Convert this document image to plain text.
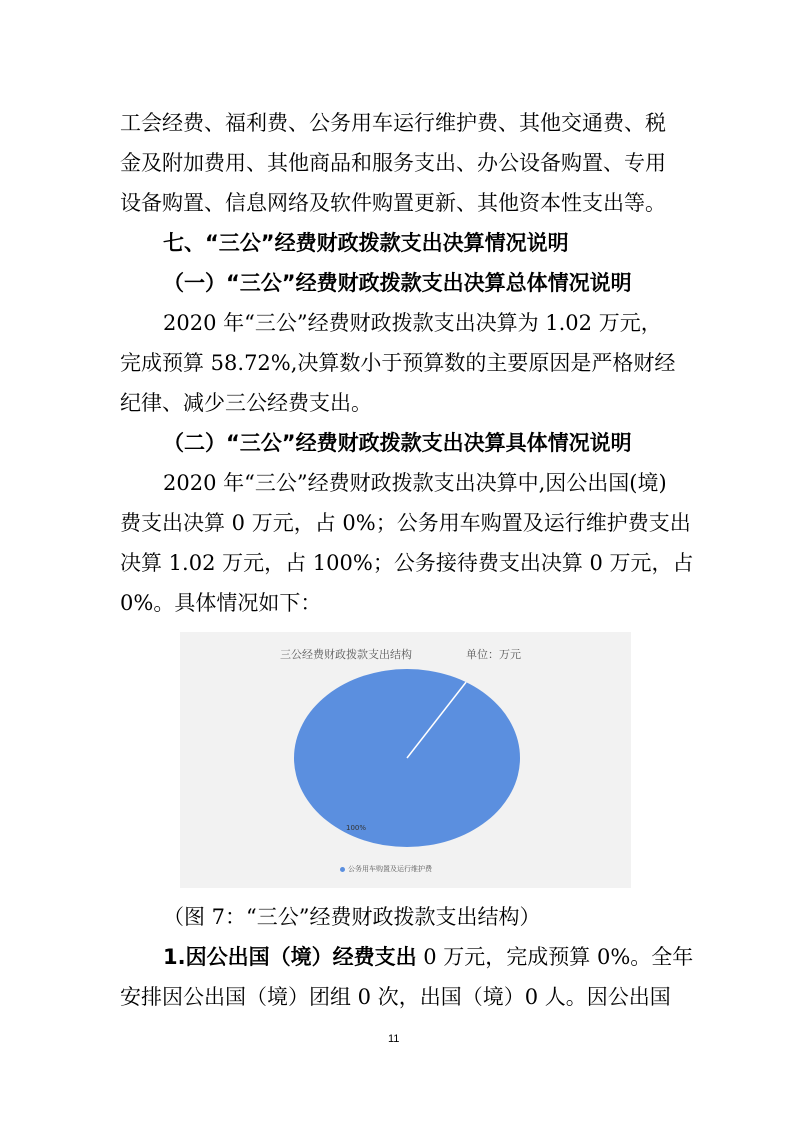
工会经费、福利费、公务用车运行维护费、其他交通费、税
金及附加费用、其他商品和服务支出、办公设备购置、专用
设备购置、信息网络及软件购置更新、其他资本性支出等。
七、“三公”经费财政拨款支出决算情况说明
（一）“三公”经费财政拨款支出决算总体情况说明
2020 年“三公”经费财政拨款支出决算为 1.02 万元，
完成预算 58.72%,决算数小于预算数的主要原因是严格财经
纪律、减少三公经费支出。
（二）“三公”经费财政拨款支出决算具体情况说明
2020 年“三公”经费财政拨款支出决算中,因公出国(境)
费支出决算 0 万元，占 0%；公务用车购置及运行维护费支出
决算 1.02 万元，占 100%；公务接待费支出决算 0 万元，占
0%。具体情况如下：
三公经费财政拨款支出结构	单位：万元
100%
公务用车购置及运行维护费
（图 7：“三公”经费财政拨款支出结构）
1.因公出国（境）经费支出 0 万元，完成预算 0%。全年
安排因公出国（境）团组 0 次，出国（境）0 人。因公出国
11
